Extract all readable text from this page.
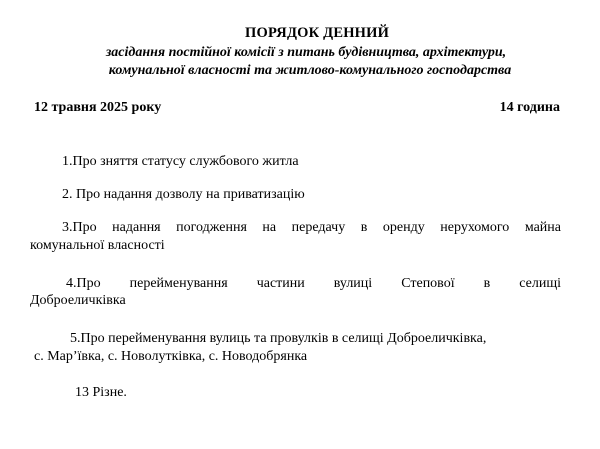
ПОРЯДОК ДЕННИЙ
засідання постійної комісії з питань будівництва, архітектури,
комунальної власності та житлово-комунального господарства
12 травня 2025 року	14 година
1.Про зняття статусу службового житла
2. Про надання дозволу на приватизацію
3.Про надання погодження на передачу в оренду нерухомого майна
комунальної власності
4.Про перейменування частини вулиці Степової в селищі
Доброеличківка
5.Про перейменування вулиць та провулків в селищі Доброеличківка,
с. Мар’ївка, с. Новолутківка, с. Новодобрянка
13 Різне.
